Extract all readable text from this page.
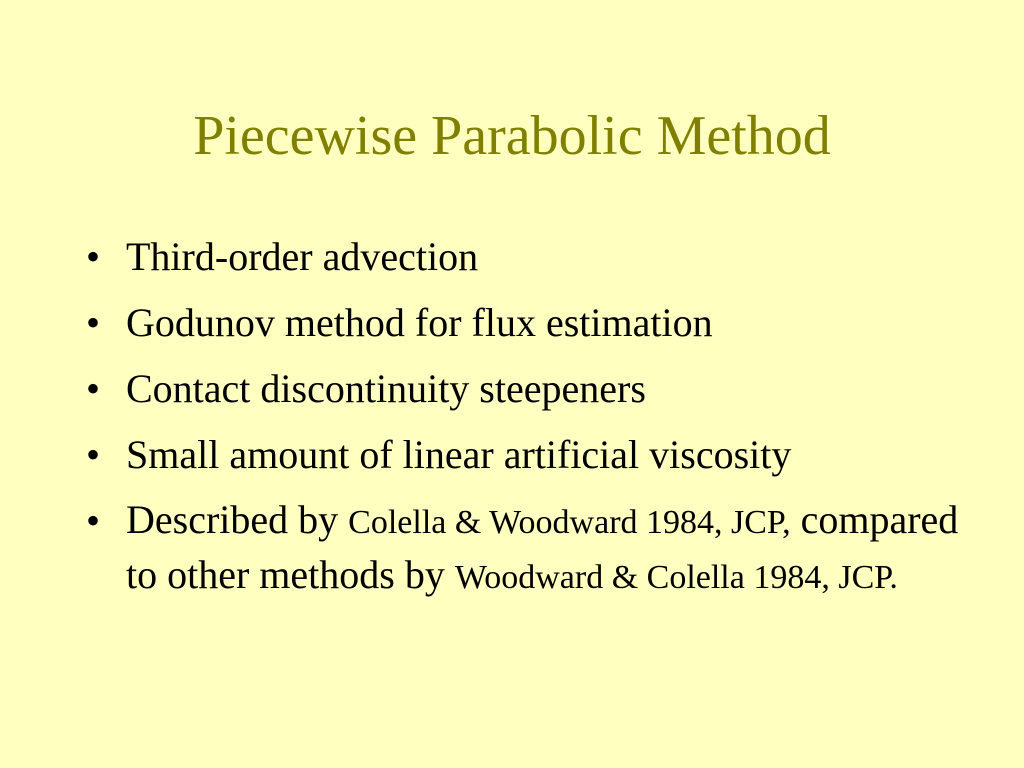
Piecewise Parabolic Method
• Third-order advection
• Godunov method for flux estimation
• Contact discontinuity steepeners
• Small amount of linear artificial viscosity
• Described by Colella & Woodward 1984, JCP, compared to other methods by Woodward & Colella 1984, JCP.
